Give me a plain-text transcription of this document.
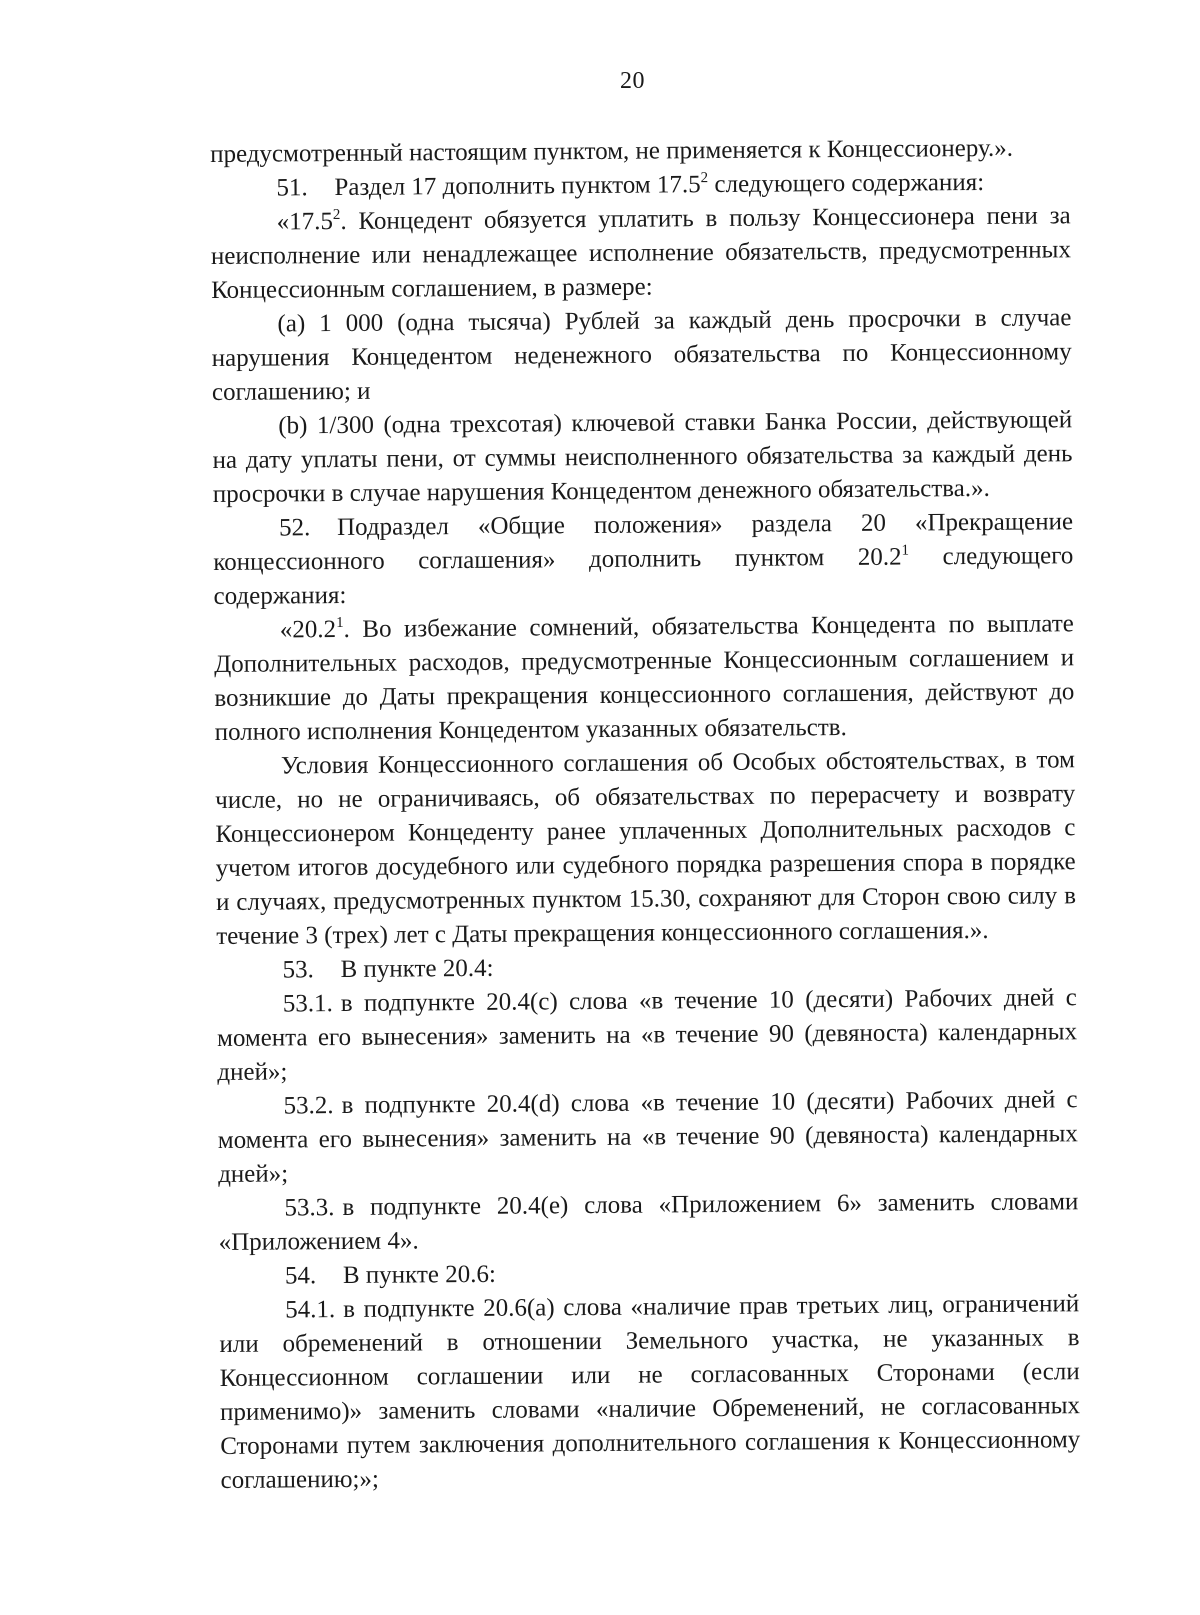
20

предусмотренный настоящим пунктом, не применяется к Концессионеру.».

51. Раздел 17 дополнить пунктом 17.5$^2$ следующего содержания:

«17.5$^2$. Концедент обязуется уплатить в пользу Концессионера пени за неисполнение или ненадлежащее исполнение обязательств, предусмотренных Концессионным соглашением, в размере:

(a) 1 000 (одна тысяча) Рублей за каждый день просрочки в случае нарушения Концедентом неденежного обязательства по Концессионному соглашению; и

(b) 1/300 (одна трехсотая) ключевой ставки Банка России, действующей на дату уплаты пени, от суммы неисполненного обязательства за каждый день просрочки в случае нарушения Концедентом денежного обязательства.».

52. Подраздел «Общие положения» раздела 20 «Прекращение концессионного соглашения» дополнить пунктом 20.2$^1$ следующего содержания:

«20.2$^1$. Во избежание сомнений, обязательства Концедента по выплате Дополнительных расходов, предусмотренные Концессионным соглашением и возникшие до Даты прекращения концессионного соглашения, действуют до полного исполнения Концедентом указанных обязательств.

Условия Концессионного соглашения об Особых обстоятельствах, в том числе, но не ограничиваясь, об обязательствах по перерасчету и возврату Концессионером Концеденту ранее уплаченных Дополнительных расходов с учетом итогов досудебного или судебного порядка разрешения спора в порядке и случаях, предусмотренных пунктом 15.30, сохраняют для Сторон свою силу в течение 3 (трех) лет с Даты прекращения концессионного соглашения.».

53. В пункте 20.4:

53.1. в подпункте 20.4(c) слова «в течение 10 (десяти) Рабочих дней с момента его вынесения» заменить на «в течение 90 (девяноста) календарных дней»;

53.2. в подпункте 20.4(d) слова «в течение 10 (десяти) Рабочих дней с момента его вынесения» заменить на «в течение 90 (девяноста) календарных дней»;

53.3. в подпункте 20.4(e) слова «Приложением 6» заменить словами «Приложением 4».

54. В пункте 20.6:

54.1. в подпункте 20.6(a) слова «наличие прав третьих лиц, ограничений или обременений в отношении Земельного участка, не указанных в Концессионном соглашении или не согласованных Сторонами (если применимо)» заменить словами «наличие Обременений, не согласованных Сторонами путем заключения дополнительного соглашения к Концессионному соглашению;»;
